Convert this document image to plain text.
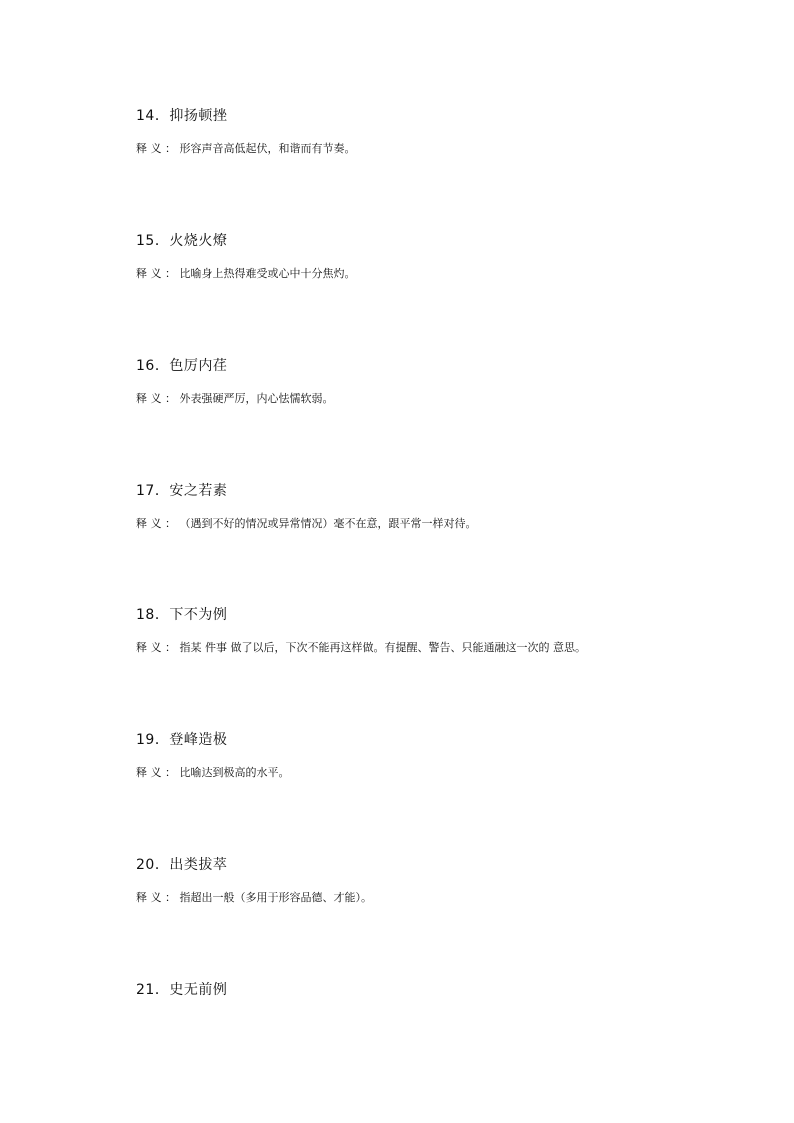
14．抑扬顿挫
释 义 ： 形容声音高低起伏，和谐而有节奏。
15．火烧火燎
释 义 ： 比喻身上热得难受或心中十分焦灼。
16．色厉内荏
释 义 ： 外表强硬严厉，内心怯懦软弱。
17．安之若素
释 义 ： （遇到不好的情况或异常情况）毫不在意，跟平常一样对待。
18．下不为例
释 义 ： 指某 件事 做了以后，下次不能再这样做。有提醒、警告、只能通融这一次的 意思。
19．登峰造极
释 义 ： 比喻达到极高的水平。
20．出类拔萃
释 义 ： 指超出一般（多用于形容品德、才能）。
21．史无前例
